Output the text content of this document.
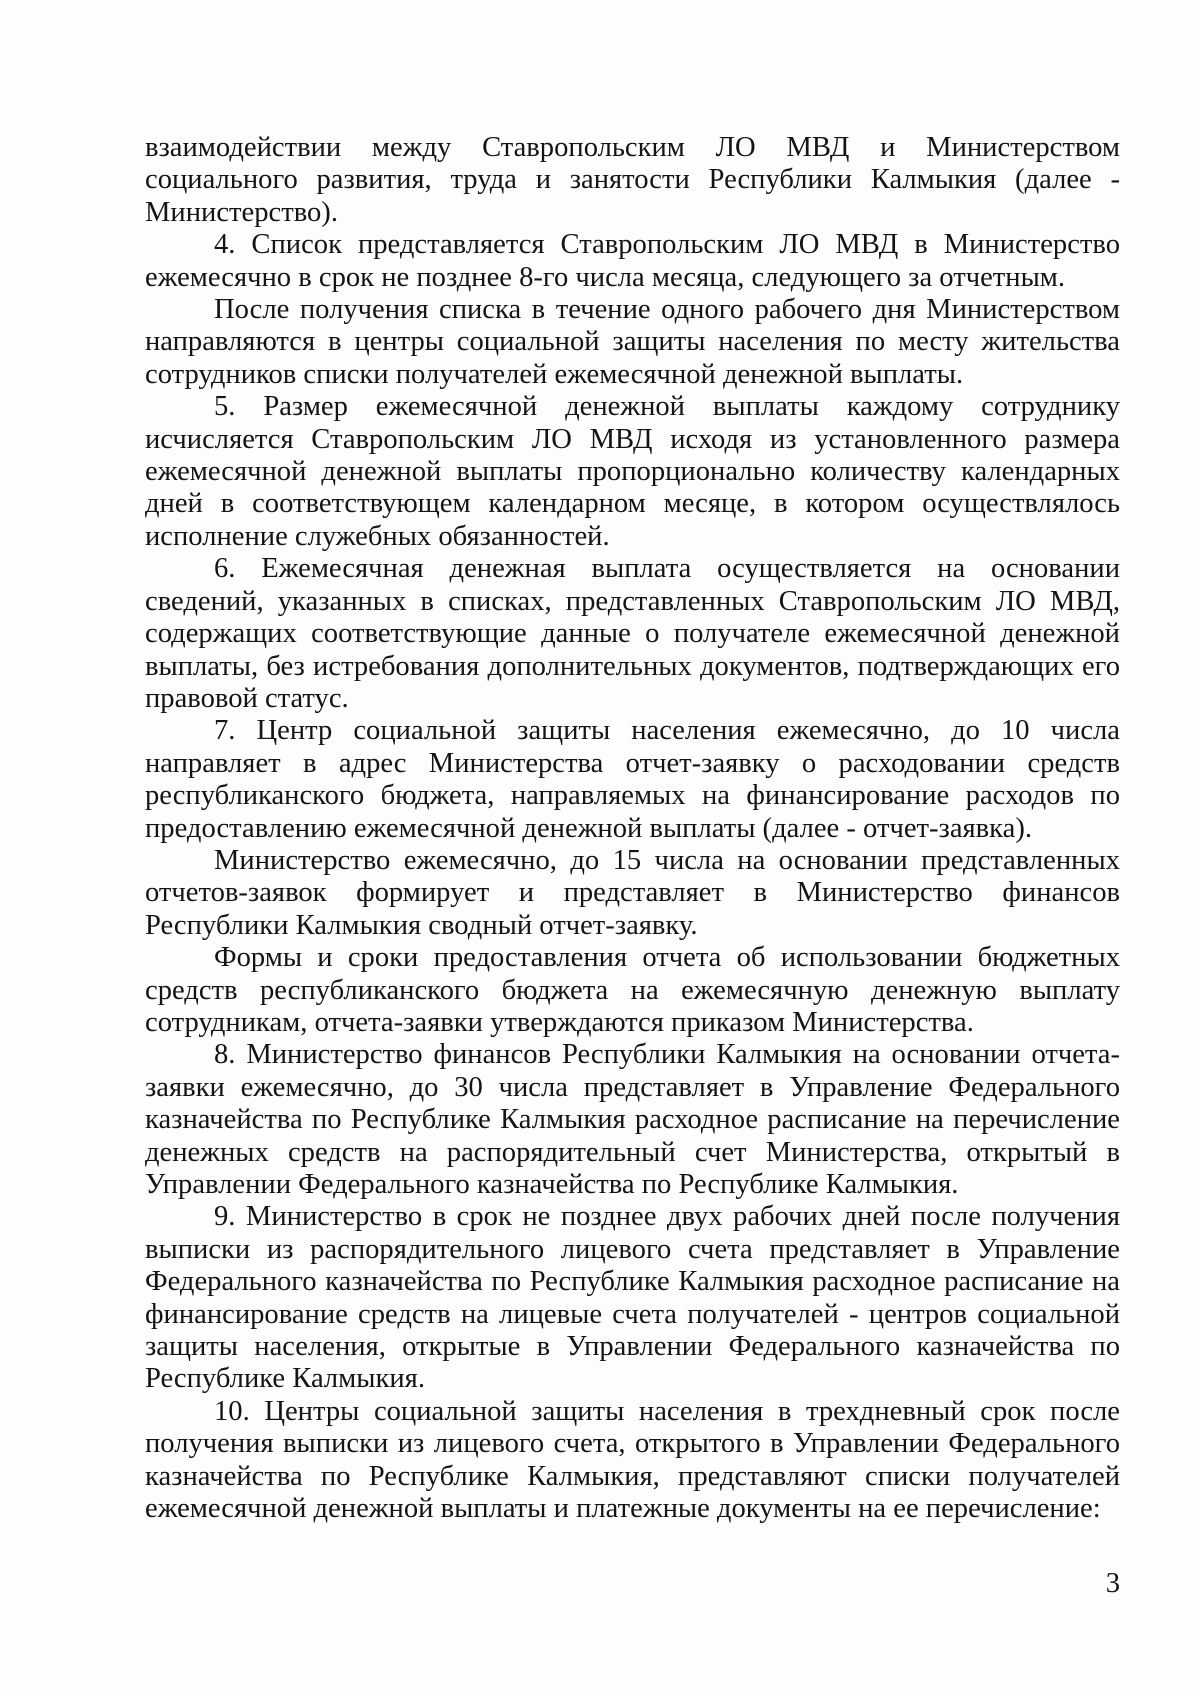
взаимодействии между Ставропольским ЛО МВД и Министерством социального развития, труда и занятости Республики Калмыкия (далее - Министерство).

4. Список представляется Ставропольским ЛО МВД в Министерство ежемесячно в срок не позднее 8-го числа месяца, следующего за отчетным.

После получения списка в течение одного рабочего дня Министерством направляются в центры социальной защиты населения по месту жительства сотрудников списки получателей ежемесячной денежной выплаты.

5. Размер ежемесячной денежной выплаты каждому сотруднику исчисляется Ставропольским ЛО МВД исходя из установленного размера ежемесячной денежной выплаты пропорционально количеству календарных дней в соответствующем календарном месяце, в котором осуществлялось исполнение служебных обязанностей.

6. Ежемесячная денежная выплата осуществляется на основании сведений, указанных в списках, представленных Ставропольским ЛО МВД, содержащих соответствующие данные о получателе ежемесячной денежной выплаты, без истребования дополнительных документов, подтверждающих его правовой статус.

7. Центр социальной защиты населения ежемесячно, до 10 числа направляет в адрес Министерства отчет-заявку о расходовании средств республиканского бюджета, направляемых на финансирование расходов по предоставлению ежемесячной денежной выплаты (далее - отчет-заявка).

Министерство ежемесячно, до 15 числа на основании представленных отчетов-заявок формирует и представляет в Министерство финансов Республики Калмыкия сводный отчет-заявку.

Формы и сроки предоставления отчета об использовании бюджетных средств республиканского бюджета на ежемесячную денежную выплату сотрудникам, отчета-заявки утверждаются приказом Министерства.

8. Министерство финансов Республики Калмыкия на основании отчета-заявки ежемесячно, до 30 числа представляет в Управление Федерального казначейства по Республике Калмыкия расходное расписание на перечисление денежных средств на распорядительный счет Министерства, открытый в Управлении Федерального казначейства по Республике Калмыкия.

9. Министерство в срок не позднее двух рабочих дней после получения выписки из распорядительного лицевого счета представляет в Управление Федерального казначейства по Республике Калмыкия расходное расписание на финансирование средств на лицевые счета получателей - центров социальной защиты населения, открытые в Управлении Федерального казначейства по Республике Калмыкия.

10. Центры социальной защиты населения в трехдневный срок после получения выписки из лицевого счета, открытого в Управлении Федерального казначейства по Республике Калмыкия, представляют списки получателей ежемесячной денежной выплаты и платежные документы на ее перечисление:

3
